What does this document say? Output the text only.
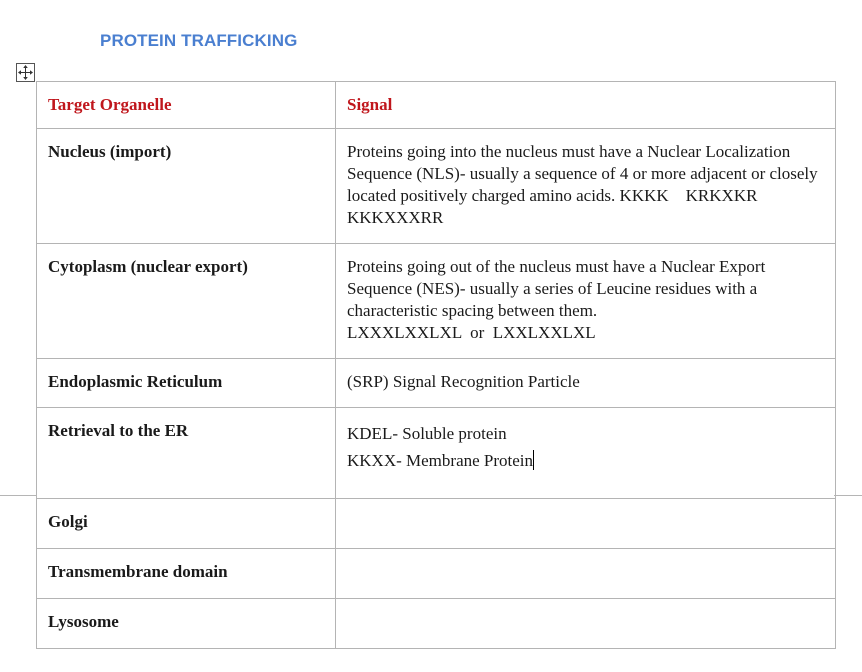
PROTEIN TRAFFICKING
Target Organelle	Signal
Nucleus (import)	Proteins going into the nucleus must have a Nuclear Localization Sequence (NLS)- usually a sequence of 4 or more adjacent or closely located positively charged amino acids. KKKK    KRKXKR    KKKXXXRR

Cytoplasm (nuclear export)	Proteins going out of the nucleus must have a Nuclear Export Sequence (NES)- usually a series of Leucine residues with a characteristic spacing between them.
LXXXLXXLXL  or  LXXLXXLXL

Endoplasmic Reticulum	(SRP) Signal Recognition Particle

Retrieval to the ER	KDEL- Soluble protein
KKXX- Membrane Protein

Golgi	
Transmembrane domain	
Lysosome	
